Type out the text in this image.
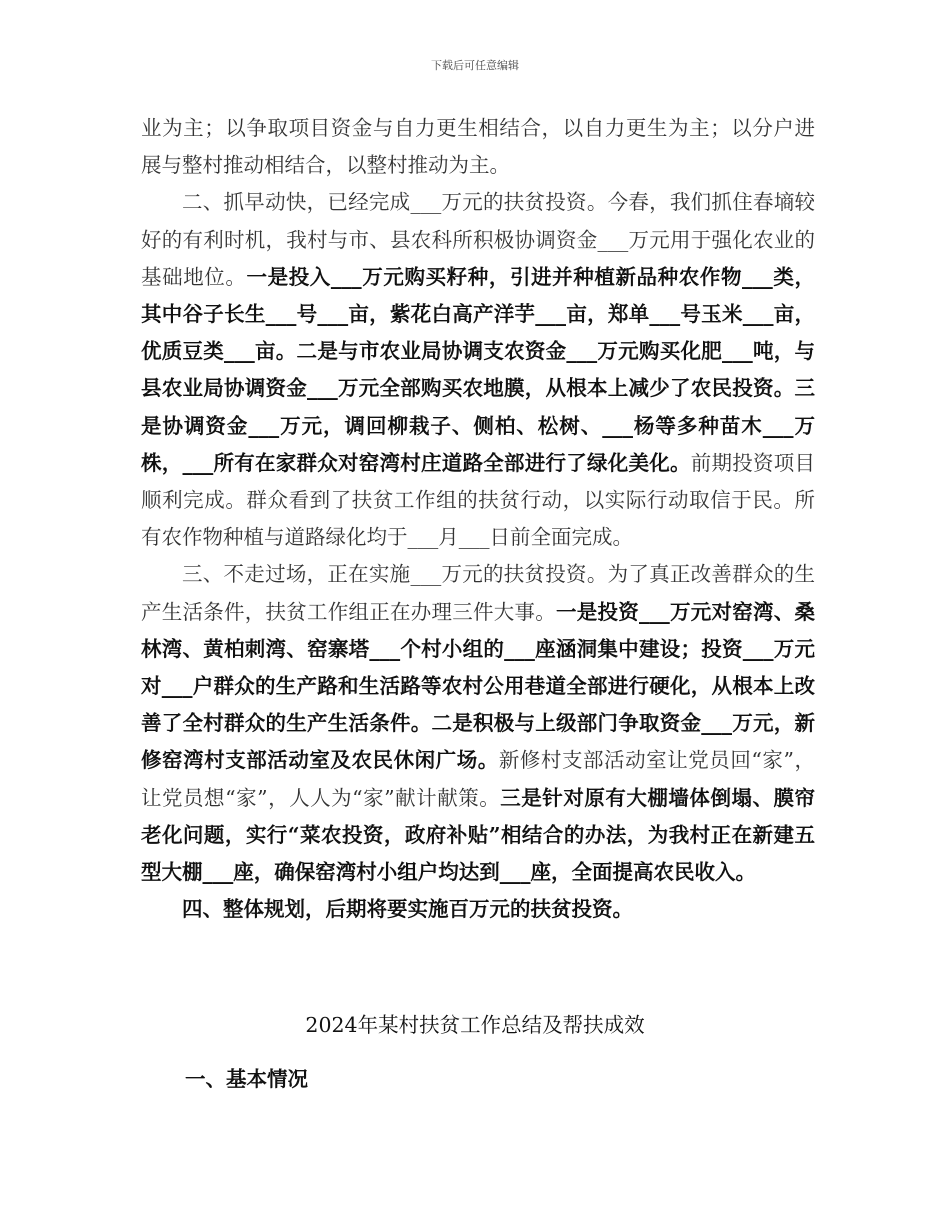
下载后可任意编辑

业为主；以争取项目资金与自力更生相结合，以自力更生为主；以分户进展与整村推动相结合，以整村推动为主。

二、抓早动快，已经完成___万元的扶贫投资。今春，我们抓住春墒较好的有利时机，我村与市、县农科所积极协调资金___万元用于强化农业的基础地位。一是投入___万元购买籽种，引进并种植新品种农作物___类，其中谷子长生___号___亩，紫花白高产洋芋___亩，郑单___号玉米___亩，优质豆类___亩。二是与市农业局协调支农资金___万元购买化肥___吨，与县农业局协调资金___万元全部购买农地膜，从根本上减少了农民投资。三是协调资金___万元，调回柳栽子、侧柏、松树、___杨等多种苗木___万株，___所有在家群众对窑湾村庄道路全部进行了绿化美化。前期投资项目顺利完成。群众看到了扶贫工作组的扶贫行动，以实际行动取信于民。所有农作物种植与道路绿化均于___月___日前全面完成。

三、不走过场，正在实施___万元的扶贫投资。为了真正改善群众的生产生活条件，扶贫工作组正在办理三件大事。一是投资___万元对窑湾、桑林湾、黄柏刺湾、窑寨塔___个村小组的___座涵洞集中建设；投资___万元对___户群众的生产路和生活路等农村公用巷道全部进行硬化，从根本上改善了全村群众的生产生活条件。二是积极与上级部门争取资金___万元，新修窑湾村支部活动室及农民休闲广场。新修村支部活动室让党员回“家”，让党员想“家”，人人为“家”献计献策。三是针对原有大棚墙体倒塌、膜帘老化问题，实行“菜农投资，政府补贴”相结合的办法，为我村正在新建五型大棚___座，确保窑湾村小组户均达到___座，全面提高农民收入。

四、整体规划，后期将要实施百万元的扶贫投资。

2024年某村扶贫工作总结及帮扶成效
一、基本情况
